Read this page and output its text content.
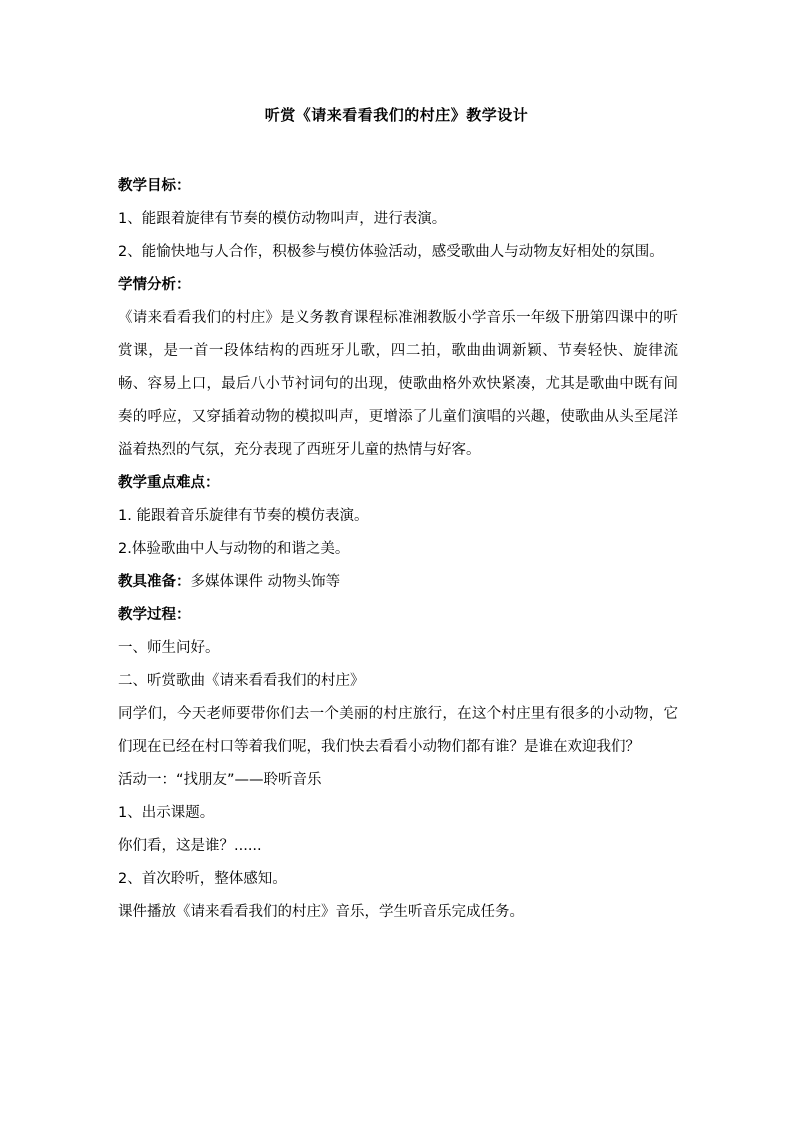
听赏《请来看看我们的村庄》教学设计
教学目标：
1、能跟着旋律有节奏的模仿动物叫声，进行表演。
2、能愉快地与人合作，积极参与模仿体验活动，感受歌曲人与动物友好相处的氛围。
学情分析：
《请来看看我们的村庄》是义务教育课程标准湘教版小学音乐一年级下册第四课中的听赏课，是一首一段体结构的西班牙儿歌，四二拍，歌曲曲调新颖、节奏轻快、旋律流畅、容易上口，最后八小节衬词句的出现，使歌曲格外欢快紧凑，尤其是歌曲中既有间奏的呼应，又穿插着动物的模拟叫声，更增添了儿童们演唱的兴趣，使歌曲从头至尾洋溢着热烈的气氛，充分表现了西班牙儿童的热情与好客。
教学重点难点：
1. 能跟着音乐旋律有节奏的模仿表演。
2.体验歌曲中人与动物的和谐之美。
教具准备：多媒体课件 动物头饰等
教学过程：
一、师生问好。
二、听赏歌曲《请来看看我们的村庄》
同学们，今天老师要带你们去一个美丽的村庄旅行，在这个村庄里有很多的小动物，它们现在已经在村口等着我们呢，我们快去看看小动物们都有谁？是谁在欢迎我们？
活动一：“找朋友”——聆听音乐
1、出示课题。
你们看，这是谁？......
2、首次聆听，整体感知。
课件播放《请来看看我们的村庄》音乐，学生听音乐完成任务。
